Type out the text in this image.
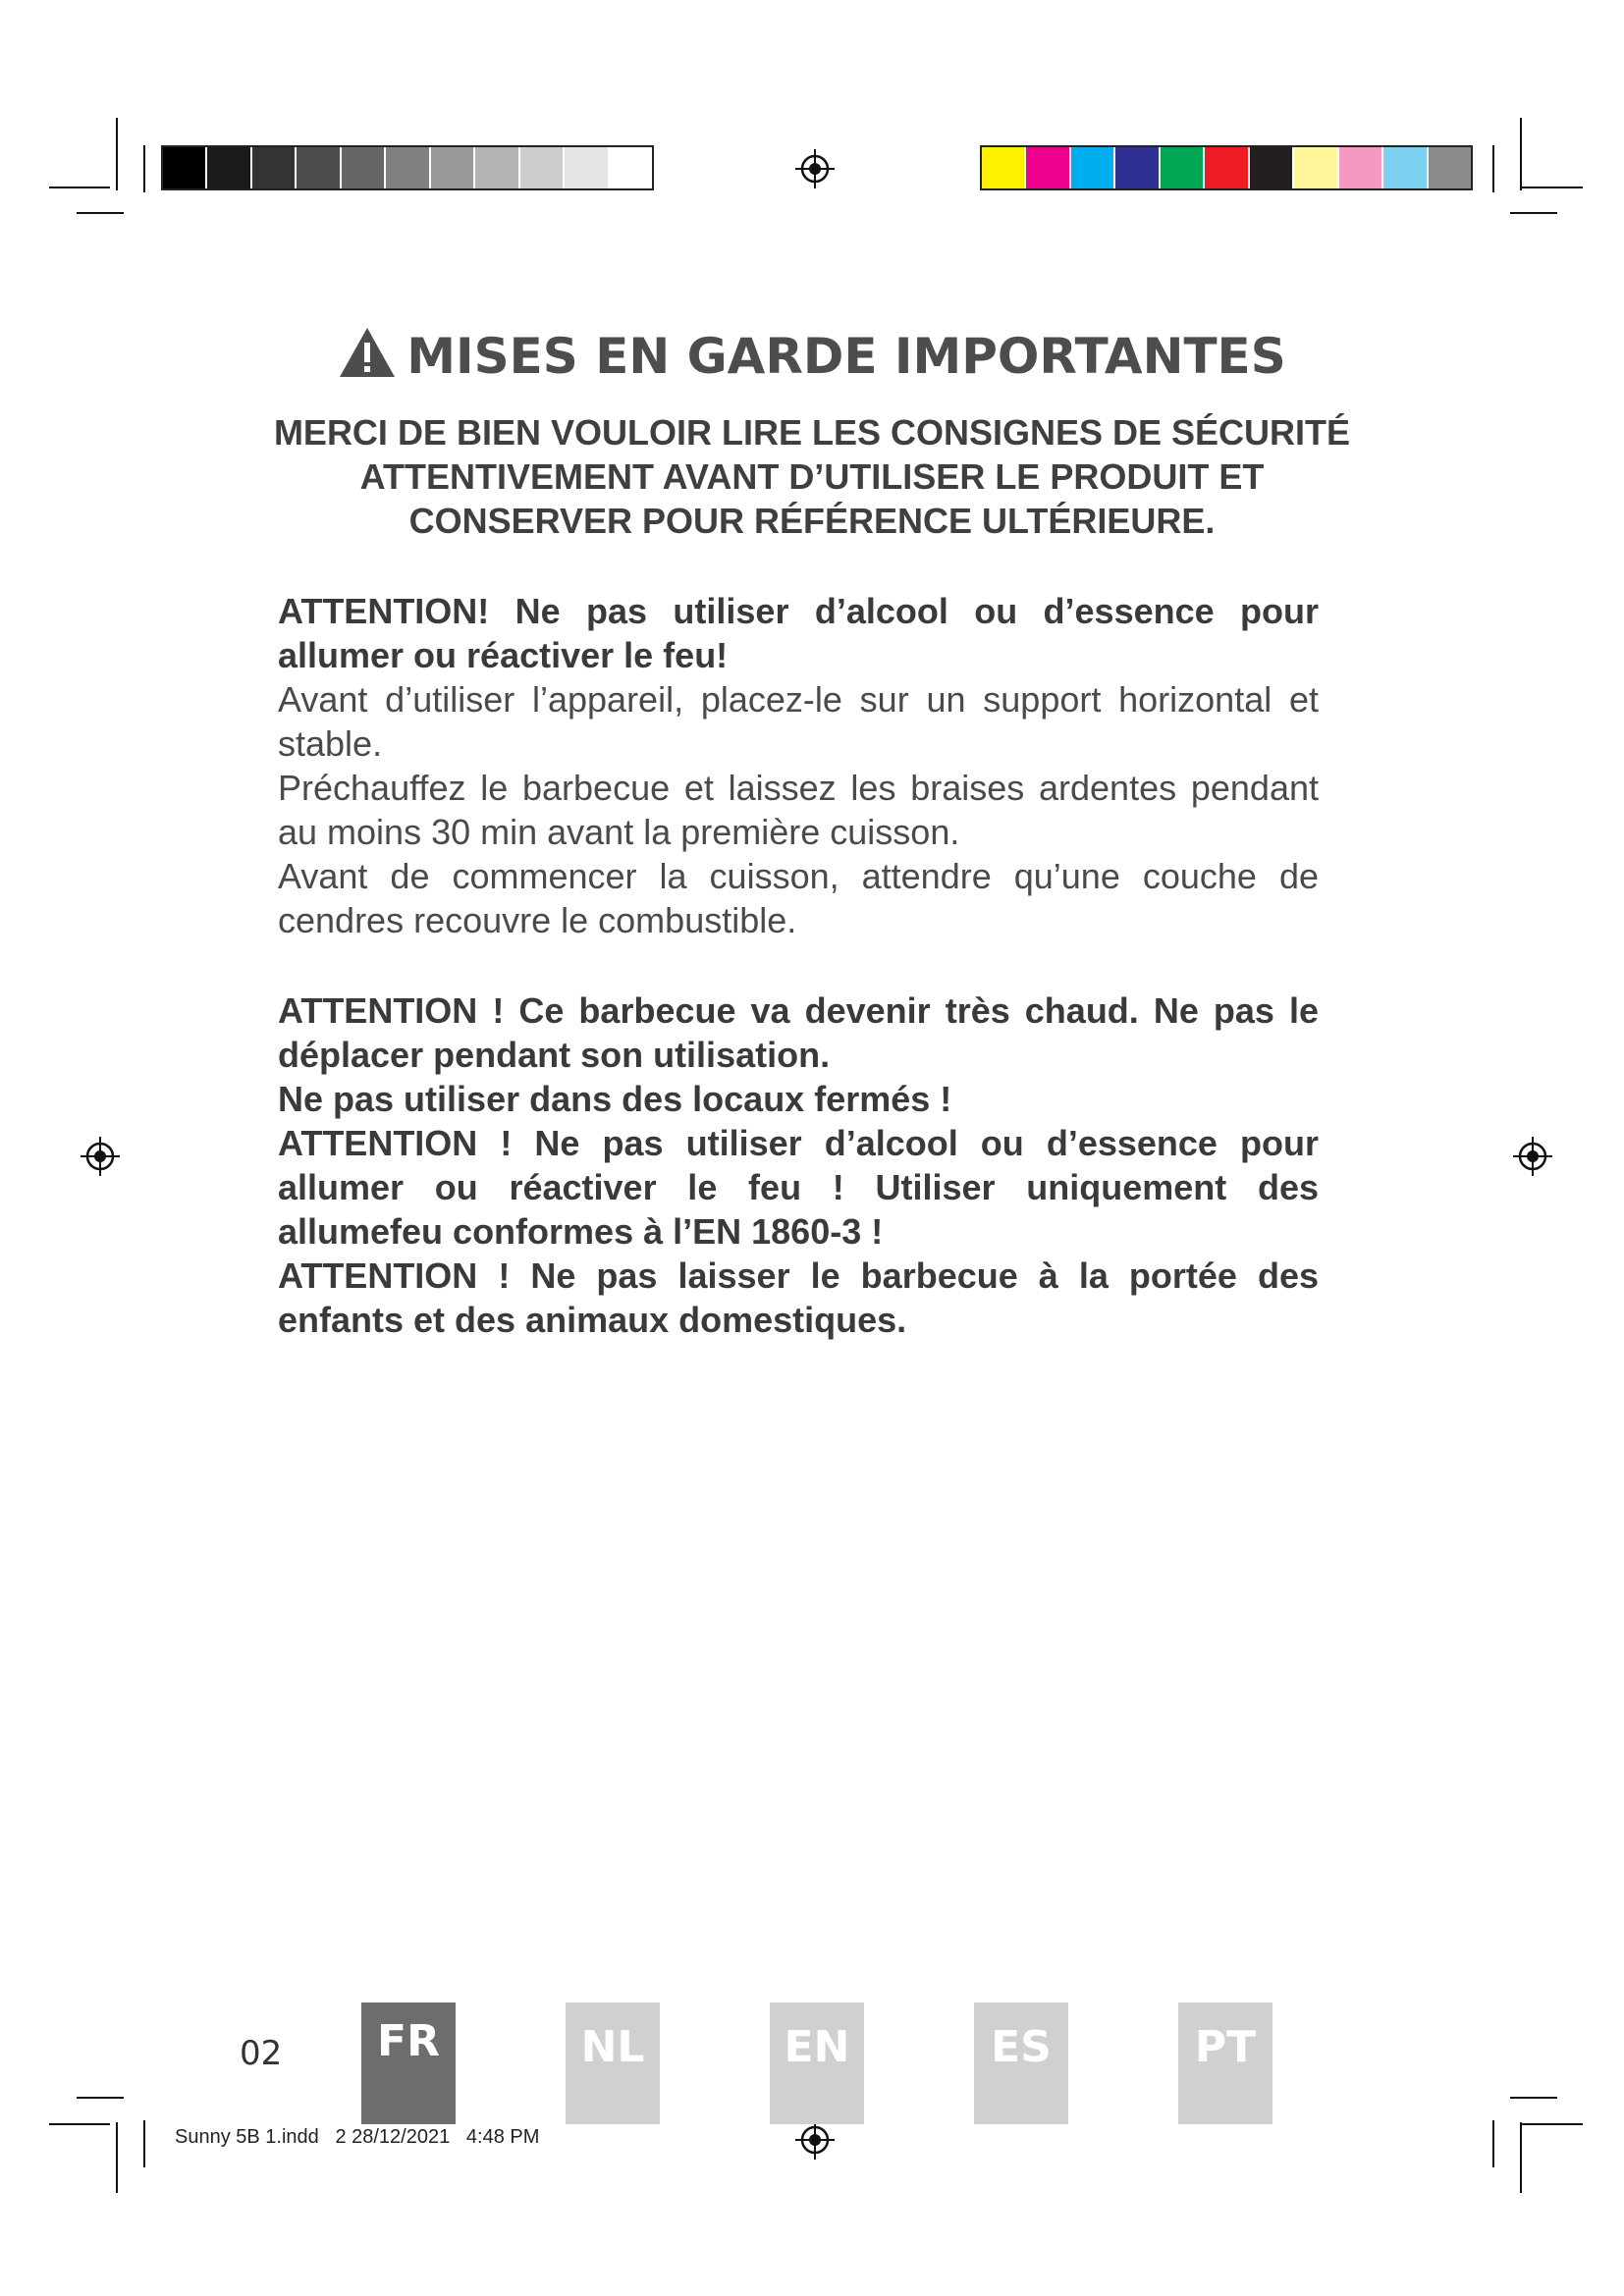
MISES EN GARDE IMPORTANTES
MERCI DE BIEN VOULOIR LIRE LES CONSIGNES DE SÉCURITÉ
ATTENTIVEMENT AVANT D’UTILISER LE PRODUIT ET
CONSERVER POUR RÉFÉRENCE ULTÉRIEURE.

ATTENTION! Ne pas utiliser d’alcool ou d’essence pour allumer ou réactiver le feu!

Avant d’utiliser l’appareil, placez-le sur un support horizontal et stable.

Préchauffez le barbecue et laissez les braises ardentes pendant au moins 30 min avant la première cuisson.

Avant de commencer la cuisson, attendre qu’une couche de cendres recouvre le combustible.

ATTENTION ! Ce barbecue va devenir très chaud. Ne pas le déplacer pendant son utilisation.

Ne pas utiliser dans des locaux fermés !

ATTENTION ! Ne pas utiliser d’alcool ou d’essence pour allumer ou réactiver le feu ! Utiliser uniquement des allumefeu conformes à l’EN 1860-3 !

ATTENTION ! Ne pas laisser le barbecue à la portée des enfants et des animaux domestiques.

02	FR	NL	EN	ES	PT
Sunny 5B 1.indd   2 28/12/2021   4:48 PM
